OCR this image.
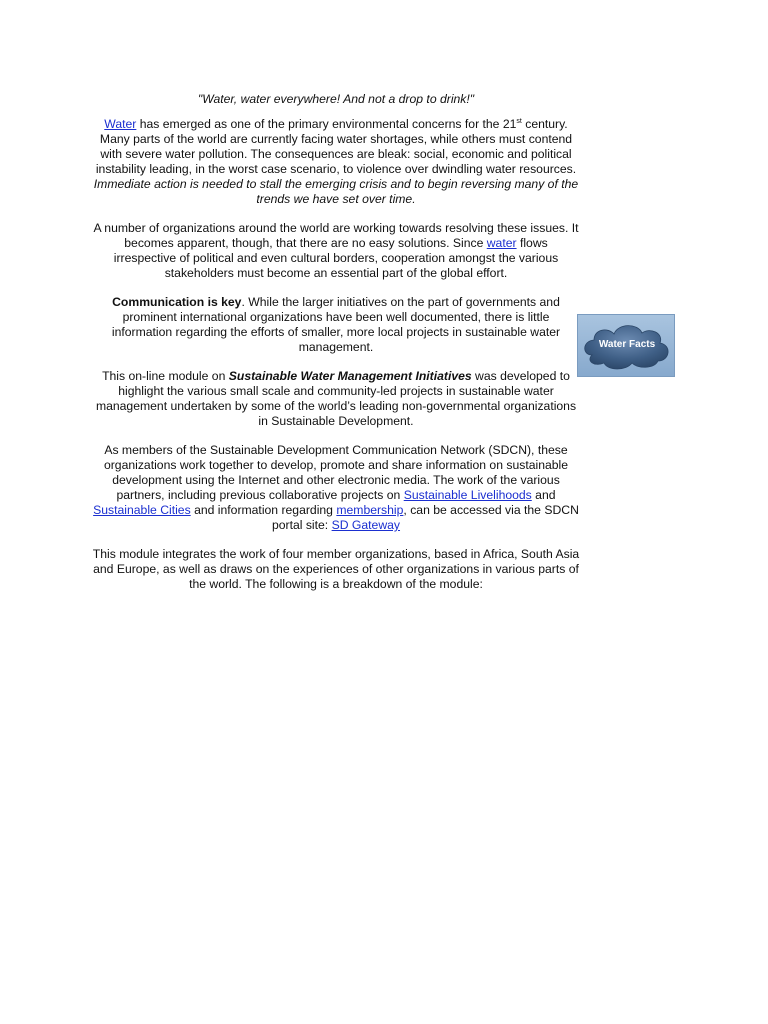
"Water, water everywhere! And not a drop to drink!"

Water has emerged as one of the primary environmental concerns for the 21st century. Many parts of the world are currently facing water shortages, while others must contend with severe water pollution. The consequences are bleak: social, economic and political instability leading, in the worst case scenario, to violence over dwindling water resources. Immediate action is needed to stall the emerging crisis and to begin reversing many of the trends we have set over time.

A number of organizations around the world are working towards resolving these issues. It becomes apparent, though, that there are no easy solutions. Since water flows irrespective of political and even cultural borders, cooperation amongst the various stakeholders must become an essential part of the global effort.

Communication is key. While the larger initiatives on the part of governments and prominent international organizations have been well documented, there is little information regarding the efforts of smaller, more local projects in sustainable water management.

This on-line module on Sustainable Water Management Initiatives was developed to highlight the various small scale and community-led projects in sustainable water management undertaken by some of the world’s leading non-governmental organizations in Sustainable Development.

As members of the Sustainable Development Communication Network (SDCN), these organizations work together to develop, promote and share information on sustainable development using the Internet and other electronic media. The work of the various partners, including previous collaborative projects on Sustainable Livelihoods and Sustainable Cities and information regarding membership, can be accessed via the SDCN portal site: SD Gateway

This module integrates the work of four member organizations, based in Africa, South Asia and Europe, as well as draws on the experiences of other organizations in various parts of the world. The following is a breakdown of the module:

Water Facts
